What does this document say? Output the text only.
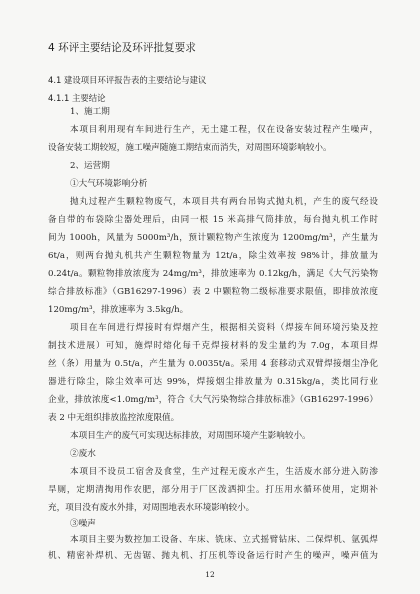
4 环评主要结论及环评批复要求
4.1 建设项目环评报告表的主要结论与建议
4.1.1 主要结论
1、施工期
本项目利用现有车间进行生产，无土建工程，仅在设备安装过程产生噪声，
设备安装工期较短，施工噪声随施工期结束而消失，对周围环境影响较小。
2、运营期
①大气环境影响分析
抛丸过程产生颗粒物废气，本项目共有两台吊钩式抛丸机，产生的废气经设
备自带的布袋除尘器处理后，由同一根 15 米高排气筒排放，每台抛丸机工作时
间为 1000h，风量为 5000m³/h，预计颗粒物产生浓度为 1200mg/m³，产生量为
6t/a，则两台抛丸机共产生颗粒物量为 12t/a，除尘效率按 98%计，排放量为
0.24t/a。颗粒物排放浓度为 24mg/m³，排放速率为 0.12kg/h，满足《大气污染物
综合排放标准》（GB16297-1996）表 2 中颗粒物二级标准要求限值，即排放浓度
120mg/m³，排放速率为 3.5kg/h。
项目在车间进行焊接时有焊烟产生，根据相关资料（焊接车间环境污染及控
制技术进展）可知，施焊时熔化每千克焊接材料的发尘量约为 7.0g，本项目焊
丝（条）用量为 0.5t/a，产生量为 0.0035t/a。采用 4 套移动式双臂焊接烟尘净化
器进行除尘，除尘效率可达 99%，焊接烟尘排放量为 0.315kg/a，类比同行业
企业，排放浓度<1.0mg/m³，符合《大气污染物综合排放标准》（GB16297-1996）
表 2 中无组织排放监控浓度限值。
本项目生产的废气可实现达标排放，对周围环境产生影响较小。
②废水
本项目不设员工宿舍及食堂，生产过程无废水产生，生活废水部分进入防渗
旱厕，定期清掏用作农肥，部分用于厂区泼洒抑尘。打压用水循环使用，定期补
充，项目没有废水外排，对周围地表水环境影响较小。
③噪声
本项目主要为数控加工设备、车床、铣床、立式摇臂钻床、二保焊机、氩弧焊
机、精密补焊机、无齿锯、抛丸机、打压机等设备运行时产生的噪声，噪声值为
12
